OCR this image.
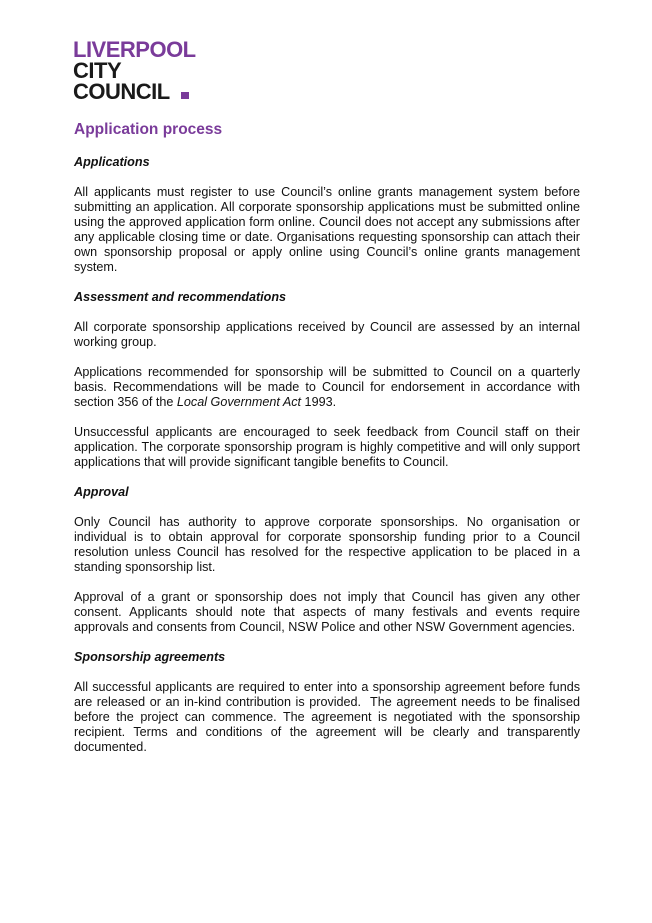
LIVERPOOL
CITY
COUNCIL
Application process
Applications

All applicants must register to use Council’s online grants management system before submitting an application. All corporate sponsorship applications must be submitted online using the approved application form online. Council does not accept any submissions after any applicable closing time or date. Organisations requesting sponsorship can attach their own sponsorship proposal or apply online using Council’s online grants management system.

Assessment and recommendations

All corporate sponsorship applications received by Council are assessed by an internal working group.

Applications recommended for sponsorship will be submitted to Council on a quarterly basis. Recommendations will be made to Council for endorsement in accordance with section 356 of the Local Government Act 1993.

Unsuccessful applicants are encouraged to seek feedback from Council staff on their application. The corporate sponsorship program is highly competitive and will only support applications that will provide significant tangible benefits to Council.

Approval

Only Council has authority to approve corporate sponsorships. No organisation or individual is to obtain approval for corporate sponsorship funding prior to a Council resolution unless Council has resolved for the respective application to be placed in a standing sponsorship list.

Approval of a grant or sponsorship does not imply that Council has given any other consent. Applicants should note that aspects of many festivals and events require approvals and consents from Council, NSW Police and other NSW Government agencies.

Sponsorship agreements

All successful applicants are required to enter into a sponsorship agreement before funds are released or an in-kind contribution is provided.  The agreement needs to be finalised before the project can commence. The agreement is negotiated with the sponsorship recipient. Terms and conditions of the agreement will be clearly and transparently documented.
